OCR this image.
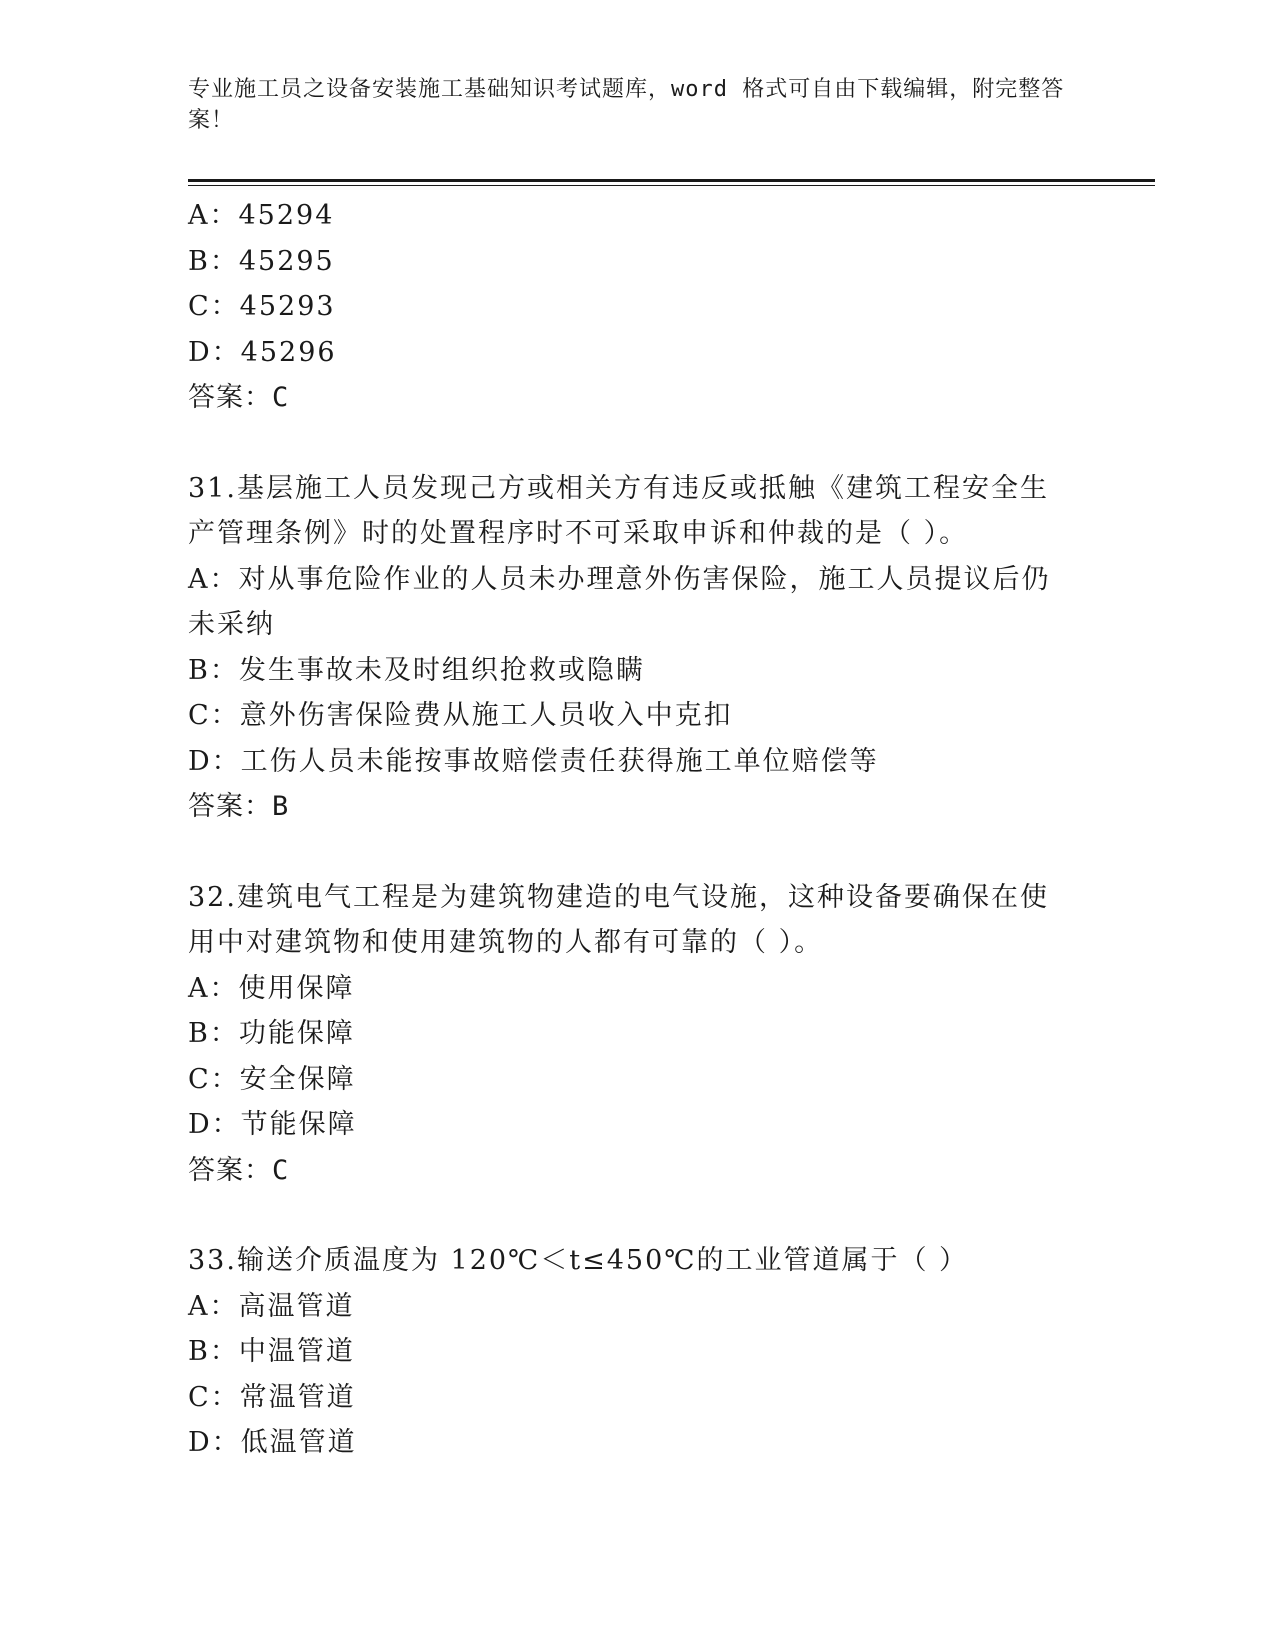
专业施工员之设备安装施工基础知识考试题库，word 格式可自由下载编辑，附完整答案！
A：45294
B：45295
C：45293
D：45296
答案：C
31.基层施工人员发现己方或相关方有违反或抵触《建筑工程安全生产管理条例》时的处置程序时不可采取申诉和仲裁的是（ ）。
A：对从事危险作业的人员未办理意外伤害保险，施工人员提议后仍未采纳
B：发生事故未及时组织抢救或隐瞒
C：意外伤害保险费从施工人员收入中克扣
D：工伤人员未能按事故赔偿责任获得施工单位赔偿等
答案：B
32.建筑电气工程是为建筑物建造的电气设施，这种设备要确保在使用中对建筑物和使用建筑物的人都有可靠的（ ）。
A：使用保障
B：功能保障
C：安全保障
D：节能保障
答案：C
33.输送介质温度为 120℃＜t≤450℃的工业管道属于（ ）
A：高温管道
B：中温管道
C：常温管道
D：低温管道
